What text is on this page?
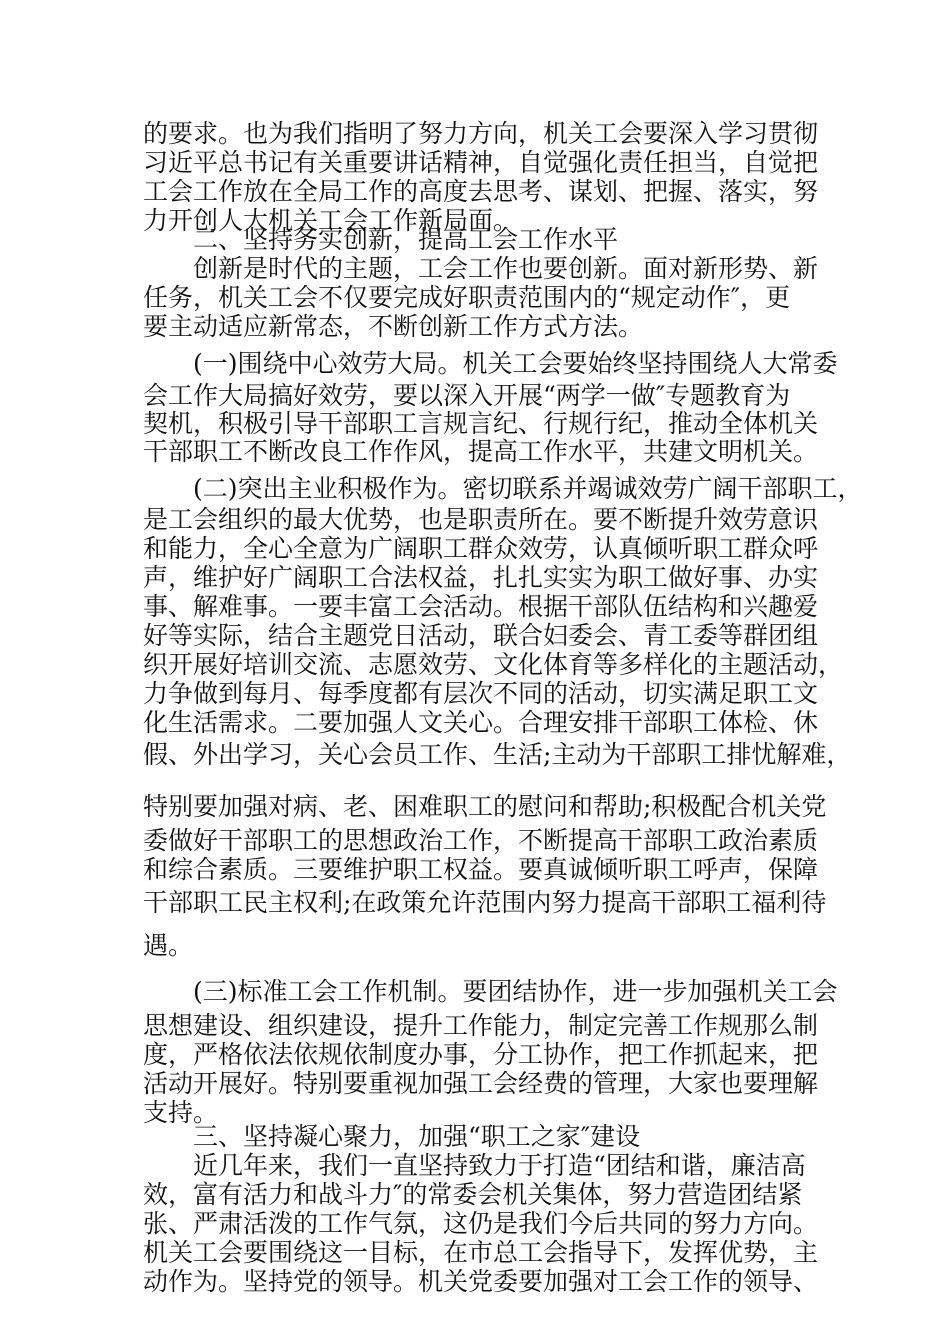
的要求。也为我们指明了努力方向，机关工会要深入学习贯彻
习近平总书记有关重要讲话精神，自觉强化责任担当，自觉把
工会工作放在全局工作的高度去思考、谋划、把握、落实，努
力开创人大机关工会工作新局面。
二、坚持务实创新，提高工会工作水平
创新是时代的主题，工会工作也要创新。面对新形势、新
任务，机关工会不仅要完成好职责范围内的“规定动作″，更
要主动适应新常态，不断创新工作方式方法。
(一)围绕中心效劳大局。机关工会要始终坚持围绕人大常委
会工作大局搞好效劳，要以深入开展“两学一做″专题教育为
契机，积极引导干部职工言规言纪、行规行纪，推动全体机关
干部职工不断改良工作作风，提高工作水平，共建文明机关。
(二)突出主业积极作为。密切联系并竭诚效劳广阔干部职工，
是工会组织的最大优势，也是职责所在。要不断提升效劳意识
和能力，全心全意为广阔职工群众效劳，认真倾听职工群众呼
声，维护好广阔职工合法权益，扎扎实实为职工做好事、办实
事、解难事。一要丰富工会活动。根据干部队伍结构和兴趣爱
好等实际，结合主题党日活动，联合妇委会、青工委等群团组
织开展好培训交流、志愿效劳、文化体育等多样化的主题活动，
力争做到每月、每季度都有层次不同的活动，切实满足职工文
化生活需求。二要加强人文关心。合理安排干部职工体检、休
假、外出学习，关心会员工作、生活;主动为干部职工排忧解难，
特别要加强对病、老、困难职工的慰问和帮助;积极配合机关党
委做好干部职工的思想政治工作，不断提高干部职工政治素质
和综合素质。三要维护职工权益。要真诚倾听职工呼声，保障
干部职工民主权利;在政策允许范围内努力提高干部职工福利待
遇。
(三)标准工会工作机制。要团结协作，进一步加强机关工会
思想建设、组织建设，提升工作能力，制定完善工作规那么制
度，严格依法依规依制度办事，分工协作，把工作抓起来，把
活动开展好。特别要重视加强工会经费的管理，大家也要理解
支持。
三、坚持凝心聚力，加强“职工之家″建设
近几年来，我们一直坚持致力于打造“团结和谐，廉洁高
效，富有活力和战斗力″的常委会机关集体，努力营造团结紧
张、严肃活泼的工作气氛，这仍是我们今后共同的努力方向。
机关工会要围绕这一目标，在市总工会指导下，发挥优势，主
动作为。坚持党的领导。机关党委要加强对工会工作的领导、
